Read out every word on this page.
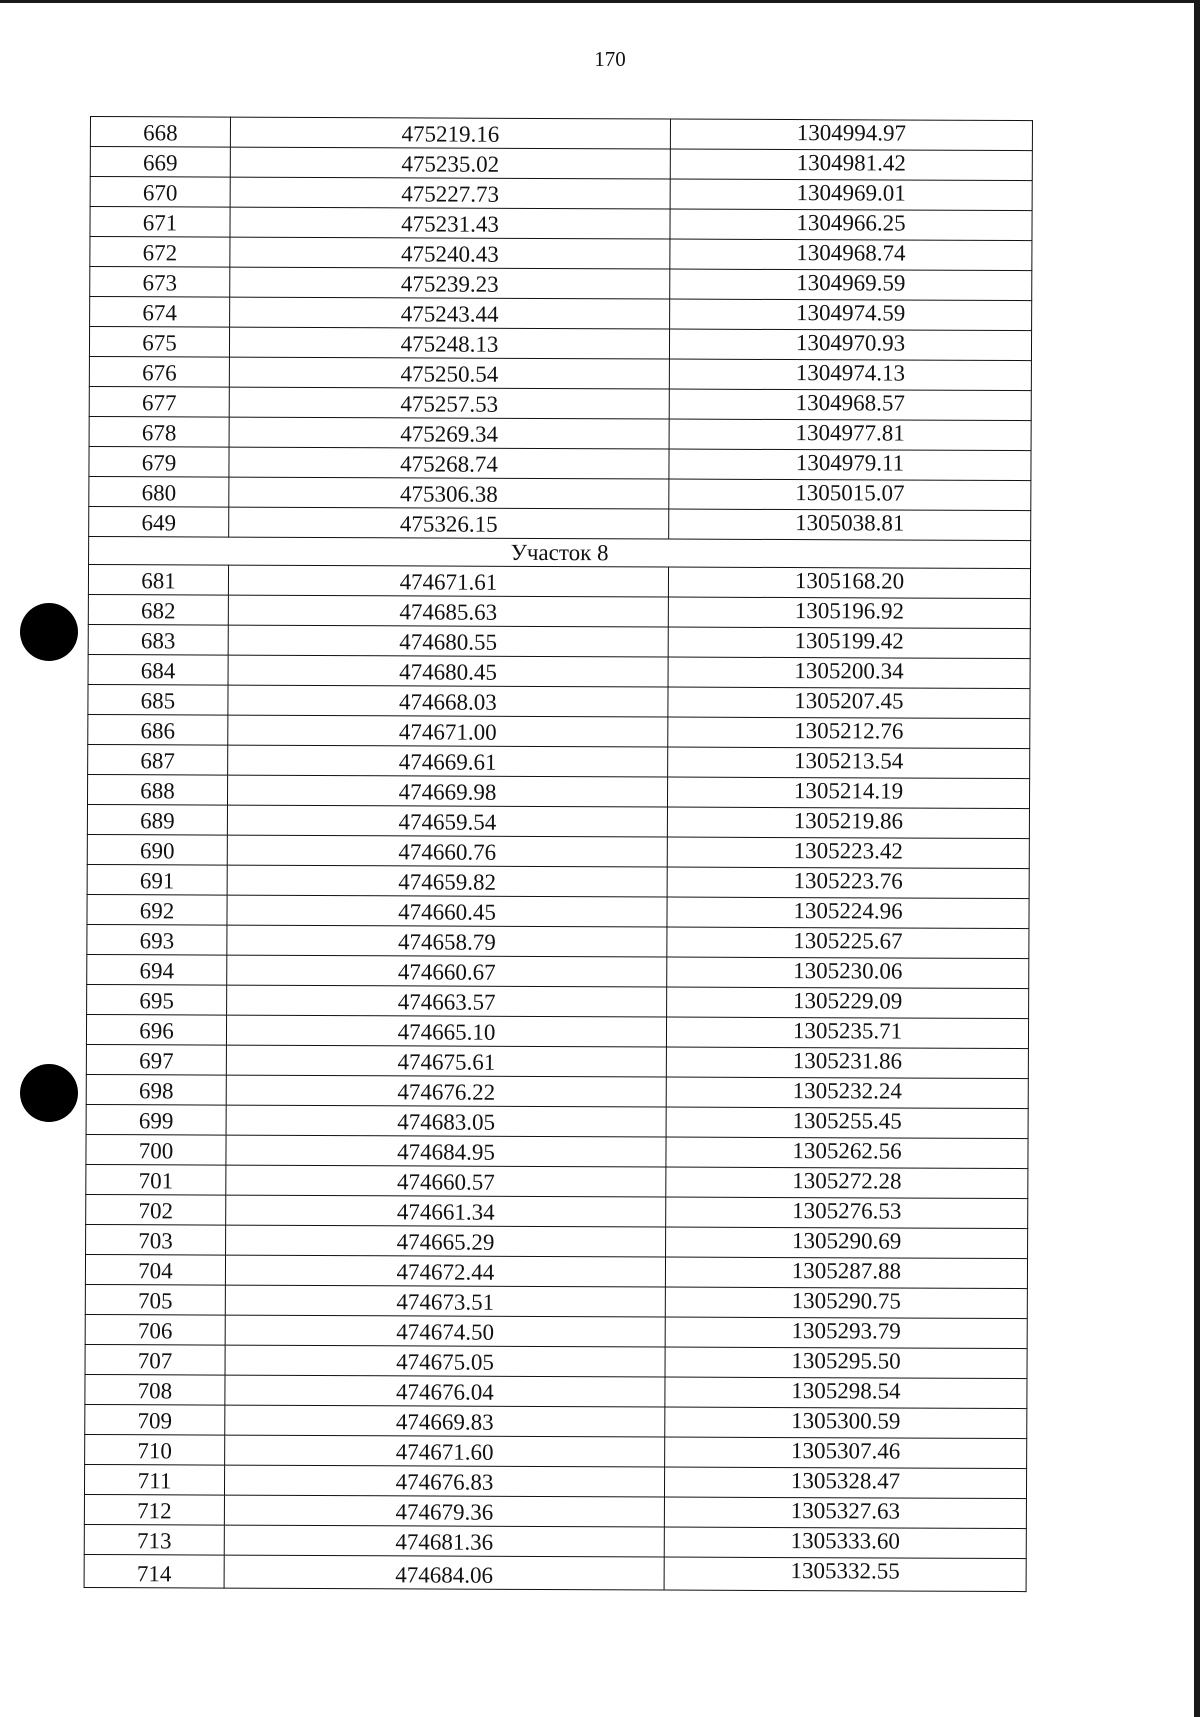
170
668	475219.16	1304994.97
669	475235.02	1304981.42
670	475227.73	1304969.01
671	475231.43	1304966.25
672	475240.43	1304968.74
673	475239.23	1304969.59
674	475243.44	1304974.59
675	475248.13	1304970.93
676	475250.54	1304974.13
677	475257.53	1304968.57
678	475269.34	1304977.81
679	475268.74	1304979.11
680	475306.38	1305015.07
649	475326.15	1305038.81
Участок 8		
681	474671.61	1305168.20
682	474685.63	1305196.92
683	474680.55	1305199.42
684	474680.45	1305200.34
685	474668.03	1305207.45
686	474671.00	1305212.76
687	474669.61	1305213.54
688	474669.98	1305214.19
689	474659.54	1305219.86
690	474660.76	1305223.42
691	474659.82	1305223.76
692	474660.45	1305224.96
693	474658.79	1305225.67
694	474660.67	1305230.06
695	474663.57	1305229.09
696	474665.10	1305235.71
697	474675.61	1305231.86
698	474676.22	1305232.24
699	474683.05	1305255.45
700	474684.95	1305262.56
701	474660.57	1305272.28
702	474661.34	1305276.53
703	474665.29	1305290.69
704	474672.44	1305287.88
705	474673.51	1305290.75
706	474674.50	1305293.79
707	474675.05	1305295.50
708	474676.04	1305298.54
709	474669.83	1305300.59
710	474671.60	1305307.46
711	474676.83	1305328.47
712	474679.36	1305327.63
713	474681.36	1305333.60
714	474684.06	1305332.55
